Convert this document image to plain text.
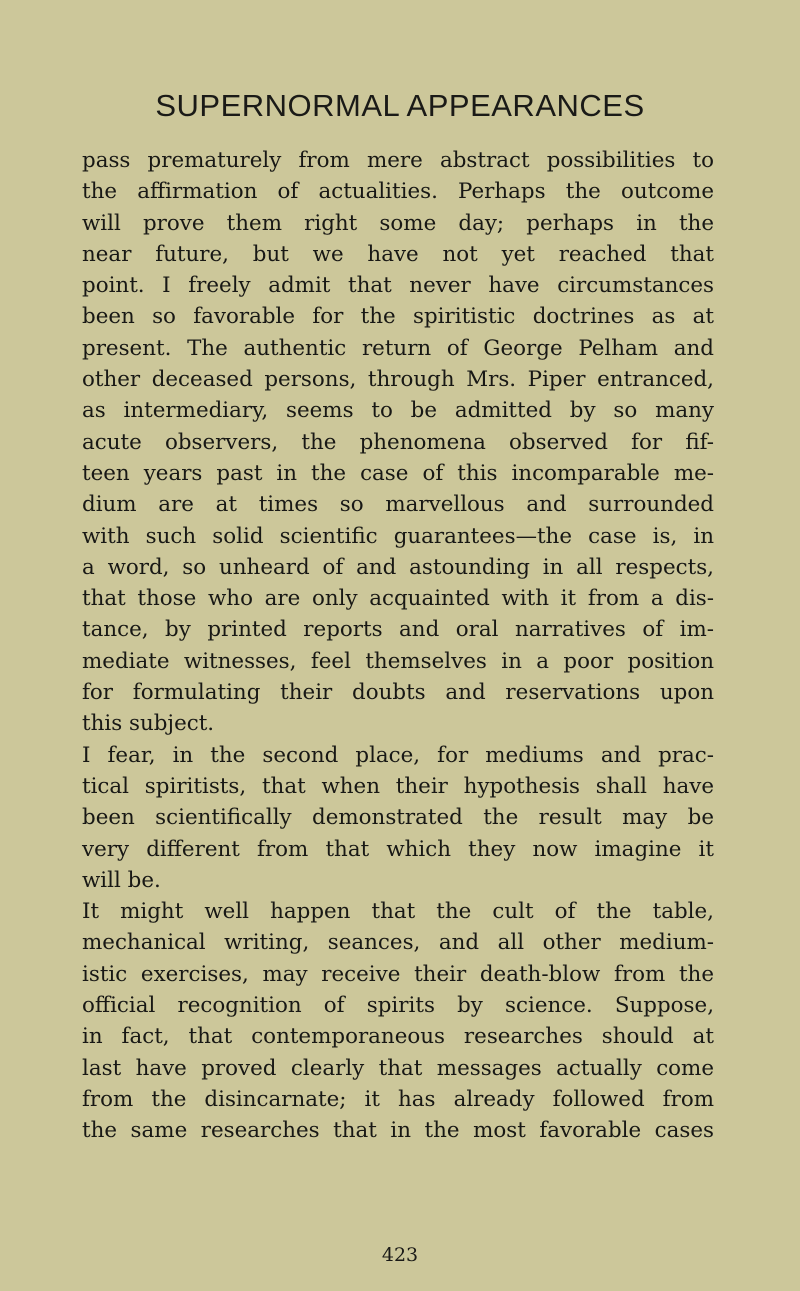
SUPERNORMAL APPEARANCES
pass prematurely from mere abstract possibilities to
the affirmation of actualities. Perhaps the outcome
will prove them right some day; perhaps in the
near future, but we have not yet reached that
point. I freely admit that never have circumstances
been so favorable for the spiritistic doctrines as at
present. The authentic return of George Pelham and
other deceased persons, through Mrs. Piper entranced,
as intermediary, seems to be admitted by so many
acute observers, the phenomena observed for fif-
teen years past in the case of this incomparable me-
dium are at times so marvellous and surrounded
with such solid scientific guarantees—the case is, in
a word, so unheard of and astounding in all respects,
that those who are only acquainted with it from a dis-
tance, by printed reports and oral narratives of im-
mediate witnesses, feel themselves in a poor position
for formulating their doubts and reservations upon
this subject.
I fear, in the second place, for mediums and prac-
tical spiritists, that when their hypothesis shall have
been scientifically demonstrated the result may be
very different from that which they now imagine it
will be.
It might well happen that the cult of the table,
mechanical writing, seances, and all other medium-
istic exercises, may receive their death-blow from the
official recognition of spirits by science. Suppose,
in fact, that contemporaneous researches should at
last have proved clearly that messages actually come
from the disincarnate; it has already followed from
the same researches that in the most favorable cases
423
